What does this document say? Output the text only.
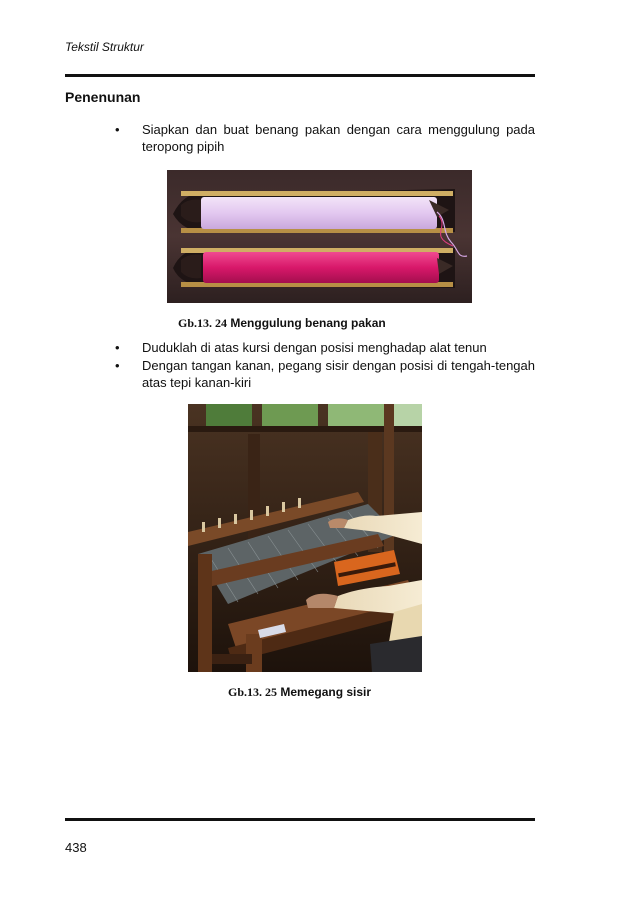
Tekstil Struktur
Penenunan
• Siapkan dan buat benang pakan dengan cara menggulung pada teropong pipih
Gb.13. 24 Menggulung benang pakan
• Duduklah di atas kursi dengan posisi menghadap alat tenun
• Dengan tangan kanan, pegang sisir dengan posisi di tengah-tengah atas tepi kanan-kiri
Gb.13. 25 Memegang sisir
438
